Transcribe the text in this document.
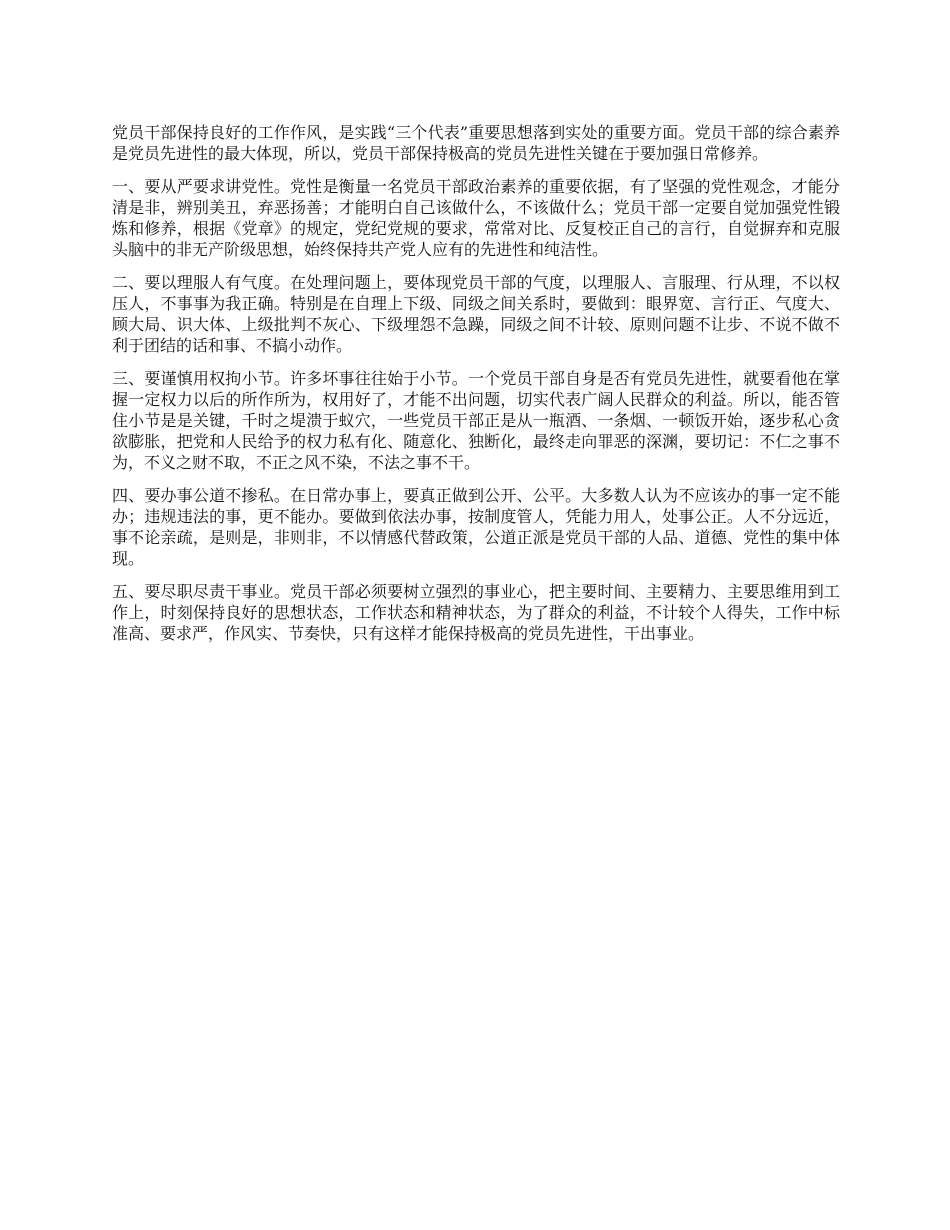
党员干部保持良好的工作作风，是实践“三个代表”重要思想落到实处的重要方面。党员干部的综合素养是党员先进性的最大体现，所以，党员干部保持极高的党员先进性关键在于要加强日常修养。

一、要从严要求讲党性。党性是衡量一名党员干部政治素养的重要依据，有了坚强的党性观念，才能分清是非，辨别美丑，弃恶扬善；才能明白自己该做什么，不该做什么；党员干部一定要自觉加强党性锻炼和修养，根据《党章》的规定，党纪党规的要求，常常对比、反复校正自己的言行，自觉摒弃和克服头脑中的非无产阶级思想，始终保持共产党人应有的先进性和纯洁性。

二、要以理服人有气度。在处理问题上，要体现党员干部的气度，以理服人、言服理、行从理，不以权压人，不事事为我正确。特别是在自理上下级、同级之间关系时，要做到：眼界宽、言行正、气度大、顾大局、识大体、上级批判不灰心、下级埋怨不急躁，同级之间不计较、原则问题不让步、不说不做不利于团结的话和事、不搞小动作。

三、要谨慎用权拘小节。许多坏事往往始于小节。一个党员干部自身是否有党员先进性，就要看他在掌握一定权力以后的所作所为，权用好了，才能不出问题，切实代表广阔人民群众的利益。所以，能否管住小节是是关键，千时之堤溃于蚁穴，一些党员干部正是从一瓶酒、一条烟、一顿饭开始，逐步私心贪欲膨胀，把党和人民给予的权力私有化、随意化、独断化，最终走向罪恶的深渊，要切记：不仁之事不为，不义之财不取，不正之风不染，不法之事不干。

四、要办事公道不掺私。在日常办事上，要真正做到公开、公平。大多数人认为不应该办的事一定不能办；违规违法的事，更不能办。要做到依法办事，按制度管人，凭能力用人，处事公正。人不分远近，事不论亲疏，是则是，非则非，不以情感代替政策，公道正派是党员干部的人品、道德、党性的集中体现。

五、要尽职尽责干事业。党员干部必须要树立强烈的事业心，把主要时间、主要精力、主要思维用到工作上，时刻保持良好的思想状态，工作状态和精神状态，为了群众的利益，不计较个人得失，工作中标准高、要求严，作风实、节奏快，只有这样才能保持极高的党员先进性，干出事业。
